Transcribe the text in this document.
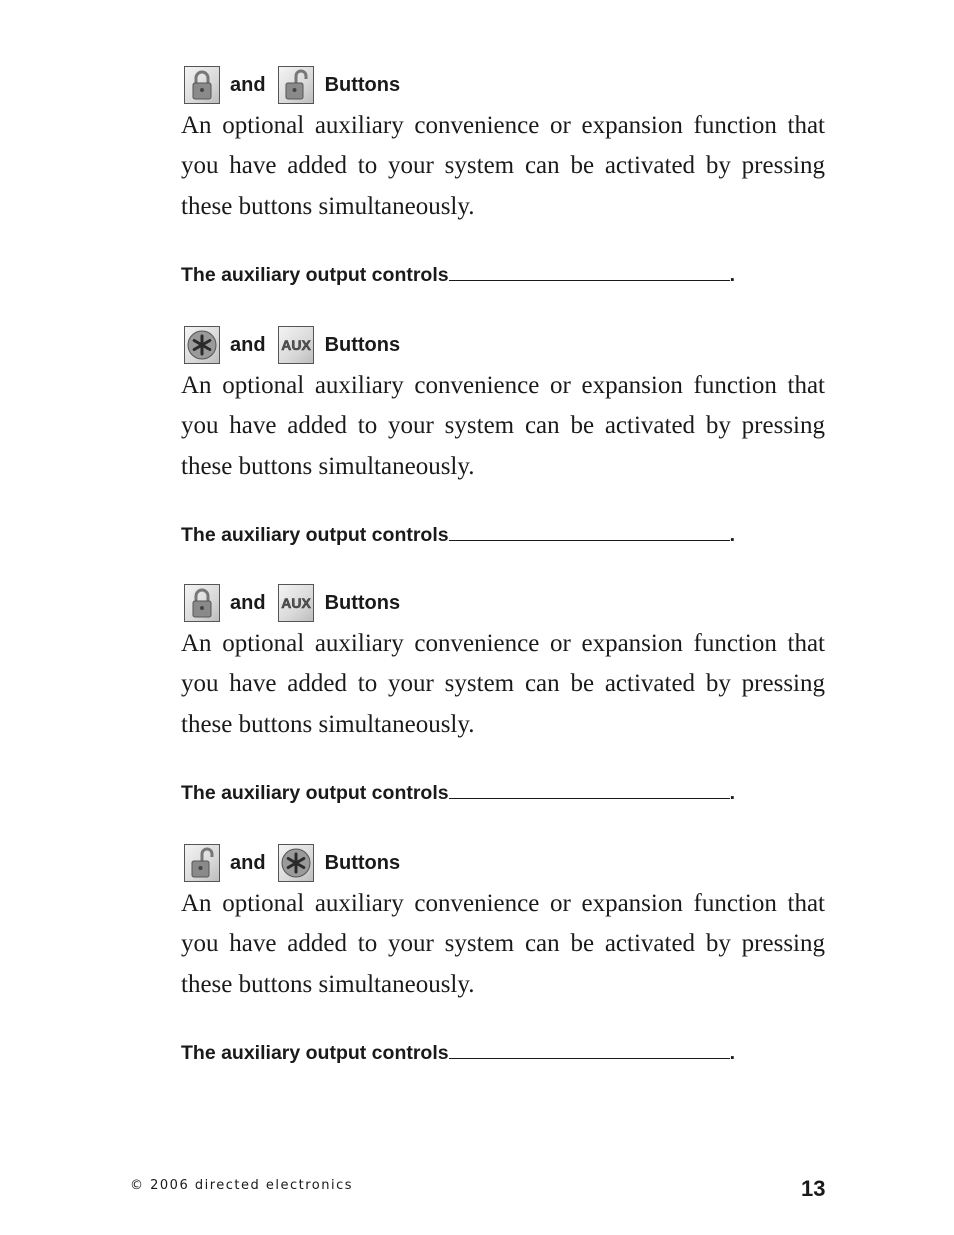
and	Buttons
An optional auxiliary convenience or expansion function that you have added to your system can be activated by pressing these buttons simultaneously.
The auxiliary output controls	.
and AUX Buttons
An optional auxiliary convenience or expansion function that you have added to your system can be activated by pressing these buttons simultaneously.
The auxiliary output controls	.
and AUX Buttons
An optional auxiliary convenience or expansion function that you have added to your system can be activated by pressing these buttons simultaneously.
The auxiliary output controls	.
and	Buttons
An optional auxiliary convenience or expansion function that you have added to your system can be activated by pressing these buttons simultaneously.
The auxiliary output controls	.
© 2006 directed electronics	13
